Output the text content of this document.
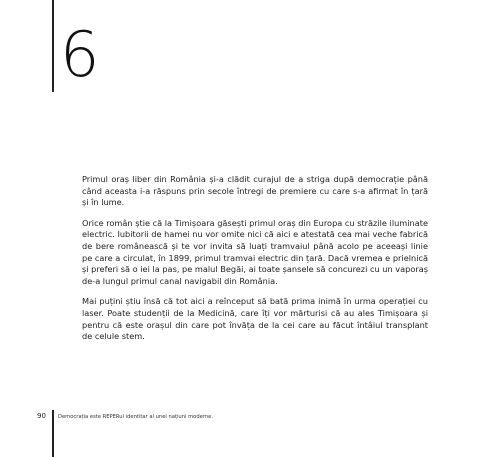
6

Primul oraș liber din România și-a clădit curajul de a striga după democrație până când aceasta i-a răspuns prin secole întregi de premiere cu care s-a afirmat în țară și în lume.

Orice român știe că la Timișoara găsești primul oraș din Europa cu străzile iluminate electric. Iubitorii de hamei nu vor omite nici că aici e atestată cea mai veche fabrică de bere românească și te vor invita să luați tramvaiul până acolo pe aceeași linie pe care a circulat, în 1899, primul tramvai electric din țară. Dacă vremea e prielnică și preferi să o iei la pas, pe malul Begăi, ai toate șansele să concurezi cu un vaporaș de-a lungul primul canal navigabil din România.

Mai puțini știu însă că tot aici a reînceput să bată prima inimă în urma operației cu laser. Poate studenții de la Medicină, care îți vor mărturisi că au ales Timișoara și pentru că este orașul din care pot învăța de la cei care au făcut întâiul transplant de celule stem.

90 Democrația este REPERul identitar al unei națiuni moderne.
